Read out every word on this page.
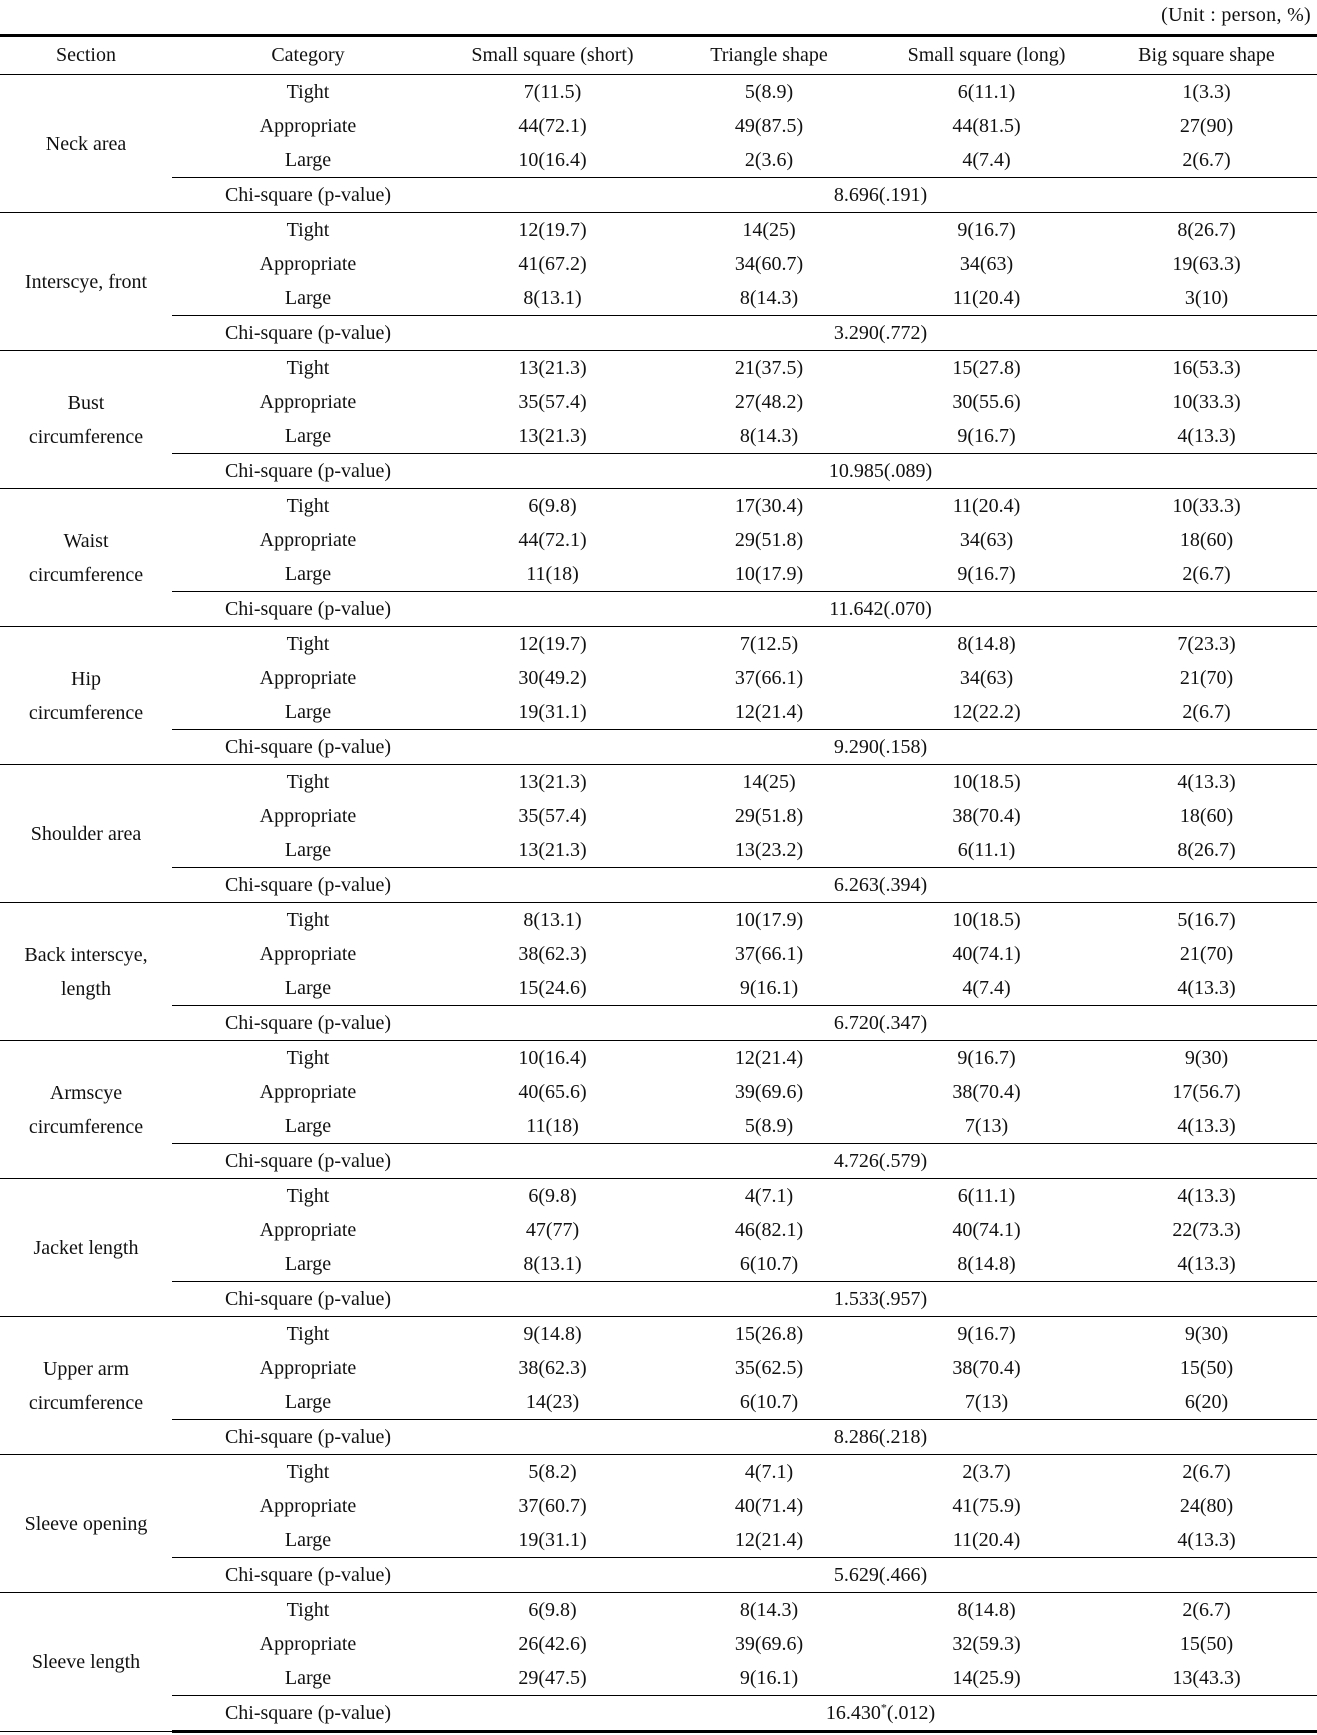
(Unit : person, %)
Section	Category	Small square (short)	Triangle shape	Small square (long)	Big square shape
Neck area	Tight	7(11.5)	5(8.9)	6(11.1)	1(3.3)
	Appropriate	44(72.1)	49(87.5)	44(81.5)	27(90)
	Large	10(16.4)	2(3.6)	4(7.4)	2(6.7)
	Chi-square (p-value)	8.696(.191)			
Interscye, front	Tight	12(19.7)	14(25)	9(16.7)	8(26.7)
	Appropriate	41(67.2)	34(60.7)	34(63)	19(63.3)
	Large	8(13.1)	8(14.3)	11(20.4)	3(10)
	Chi-square (p-value)	3.290(.772)			
Bust
circumference	Tight	13(21.3)	21(37.5)	15(27.8)	16(53.3)
	Appropriate	35(57.4)	27(48.2)	30(55.6)	10(33.3)
	Large	13(21.3)	8(14.3)	9(16.7)	4(13.3)
	Chi-square (p-value)	10.985(.089)			
Waist
circumference	Tight	6(9.8)	17(30.4)	11(20.4)	10(33.3)
	Appropriate	44(72.1)	29(51.8)	34(63)	18(60)
	Large	11(18)	10(17.9)	9(16.7)	2(6.7)
	Chi-square (p-value)	11.642(.070)			
Hip
circumference	Tight	12(19.7)	7(12.5)	8(14.8)	7(23.3)
	Appropriate	30(49.2)	37(66.1)	34(63)	21(70)
	Large	19(31.1)	12(21.4)	12(22.2)	2(6.7)
	Chi-square (p-value)	9.290(.158)			
Shoulder area	Tight	13(21.3)	14(25)	10(18.5)	4(13.3)
	Appropriate	35(57.4)	29(51.8)	38(70.4)	18(60)
	Large	13(21.3)	13(23.2)	6(11.1)	8(26.7)
	Chi-square (p-value)	6.263(.394)			
Back interscye,
length	Tight	8(13.1)	10(17.9)	10(18.5)	5(16.7)
	Appropriate	38(62.3)	37(66.1)	40(74.1)	21(70)
	Large	15(24.6)	9(16.1)	4(7.4)	4(13.3)
	Chi-square (p-value)	6.720(.347)			
Armscye
circumference	Tight	10(16.4)	12(21.4)	9(16.7)	9(30)
	Appropriate	40(65.6)	39(69.6)	38(70.4)	17(56.7)
	Large	11(18)	5(8.9)	7(13)	4(13.3)
	Chi-square (p-value)	4.726(.579)			
Jacket length	Tight	6(9.8)	4(7.1)	6(11.1)	4(13.3)
	Appropriate	47(77)	46(82.1)	40(74.1)	22(73.3)
	Large	8(13.1)	6(10.7)	8(14.8)	4(13.3)
	Chi-square (p-value)	1.533(.957)			
Upper arm
circumference	Tight	9(14.8)	15(26.8)	9(16.7)	9(30)
	Appropriate	38(62.3)	35(62.5)	38(70.4)	15(50)
	Large	14(23)	6(10.7)	7(13)	6(20)
	Chi-square (p-value)	8.286(.218)			
Sleeve opening	Tight	5(8.2)	4(7.1)	2(3.7)	2(6.7)
	Appropriate	37(60.7)	40(71.4)	41(75.9)	24(80)
	Large	19(31.1)	12(21.4)	11(20.4)	4(13.3)
	Chi-square (p-value)	5.629(.466)			
Sleeve length	Tight	6(9.8)	8(14.3)	8(14.8)	2(6.7)
	Appropriate	26(42.6)	39(69.6)	32(59.3)	15(50)
	Large	29(47.5)	9(16.1)	14(25.9)	13(43.3)
	Chi-square (p-value)	16.430*(.012)			
